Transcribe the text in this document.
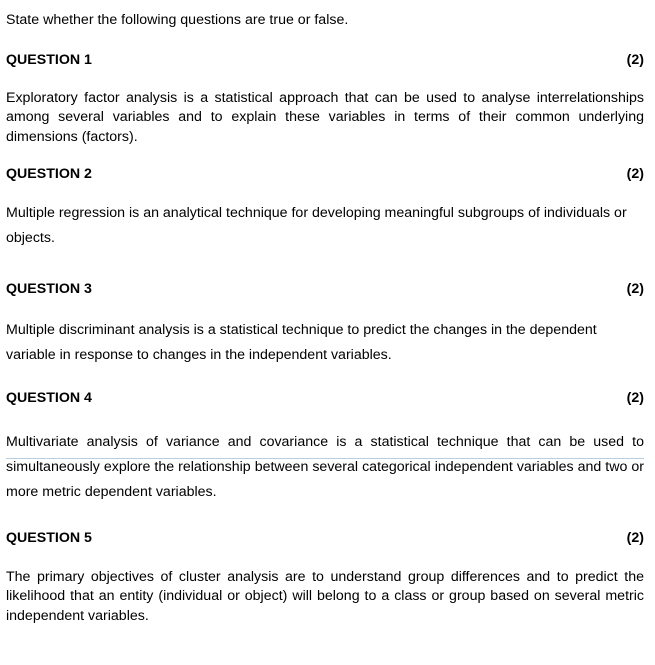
State whether the following questions are true or false.

QUESTION 1	(2)

Exploratory factor analysis is a statistical approach that can be used to analyse interrelationships among several variables and to explain these variables in terms of their common underlying dimensions (factors).

QUESTION 2	(2)

Multiple regression is an analytical technique for developing meaningful subgroups of individuals or objects.

QUESTION 3	(2)

Multiple discriminant analysis is a statistical technique to predict the changes in the dependent variable in response to changes in the independent variables.

QUESTION 4	(2)

Multivariate analysis of variance and covariance is a statistical technique that can be used to simultaneously explore the relationship between several categorical independent variables and two or more metric dependent variables.

QUESTION 5	(2)

The primary objectives of cluster analysis are to understand group differences and to predict the likelihood that an entity (individual or object) will belong to a class or group based on several metric independent variables.
